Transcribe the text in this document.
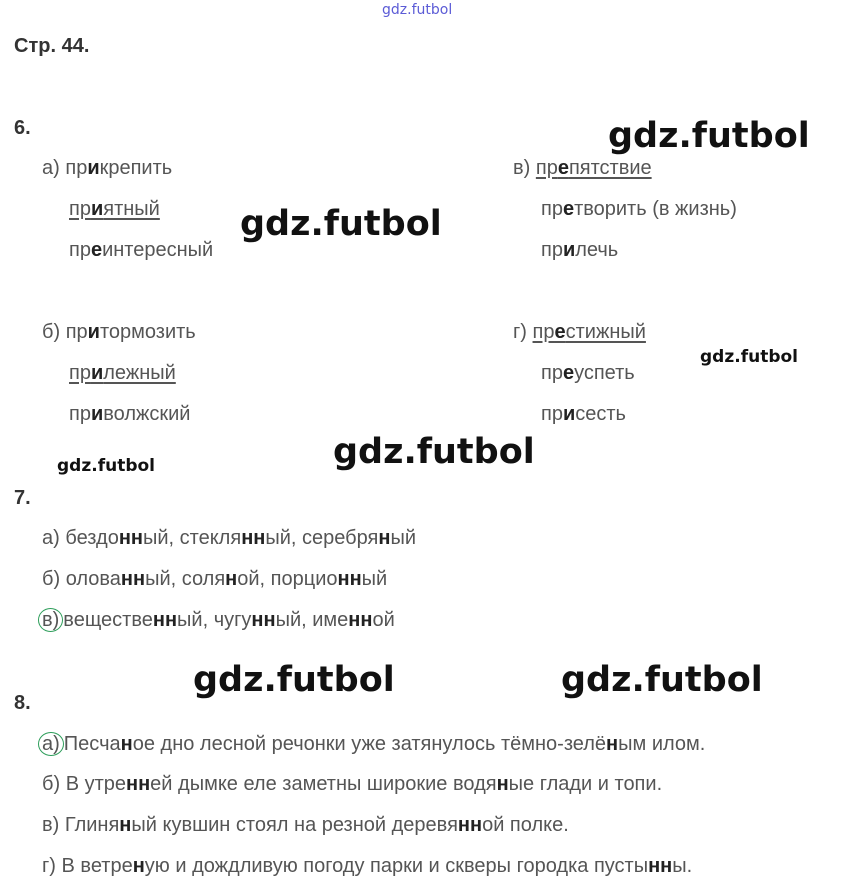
gdz.futbol
gdz.futbol
gdz.futbol
gdz.futbol
gdz.futbol
gdz.futbol
gdz.futbol	gdz.futbol
Стр. 44.
6.
а) прикрепить
приятный
преинтересный
б) притормозить
прилежный
приволжский
в) препятствие
претворить (в жизнь)
прилечь
г) престижный
преуспеть
присесть
7.
а) бездонный, стеклянный, серебряный
б) олованный, соляной, порционный
в) вещественный, чугунный, именной
8.
а) Песчаное дно лесной речонки уже затянулось тёмно-зелёным илом.
б) В утренней дымке еле заметны широкие водяные глади и топи.
в) Глиняный кувшин стоял на резной деревянной полке.
г) В ветреную и дождливую погоду парки и скверы городка пустынны.
